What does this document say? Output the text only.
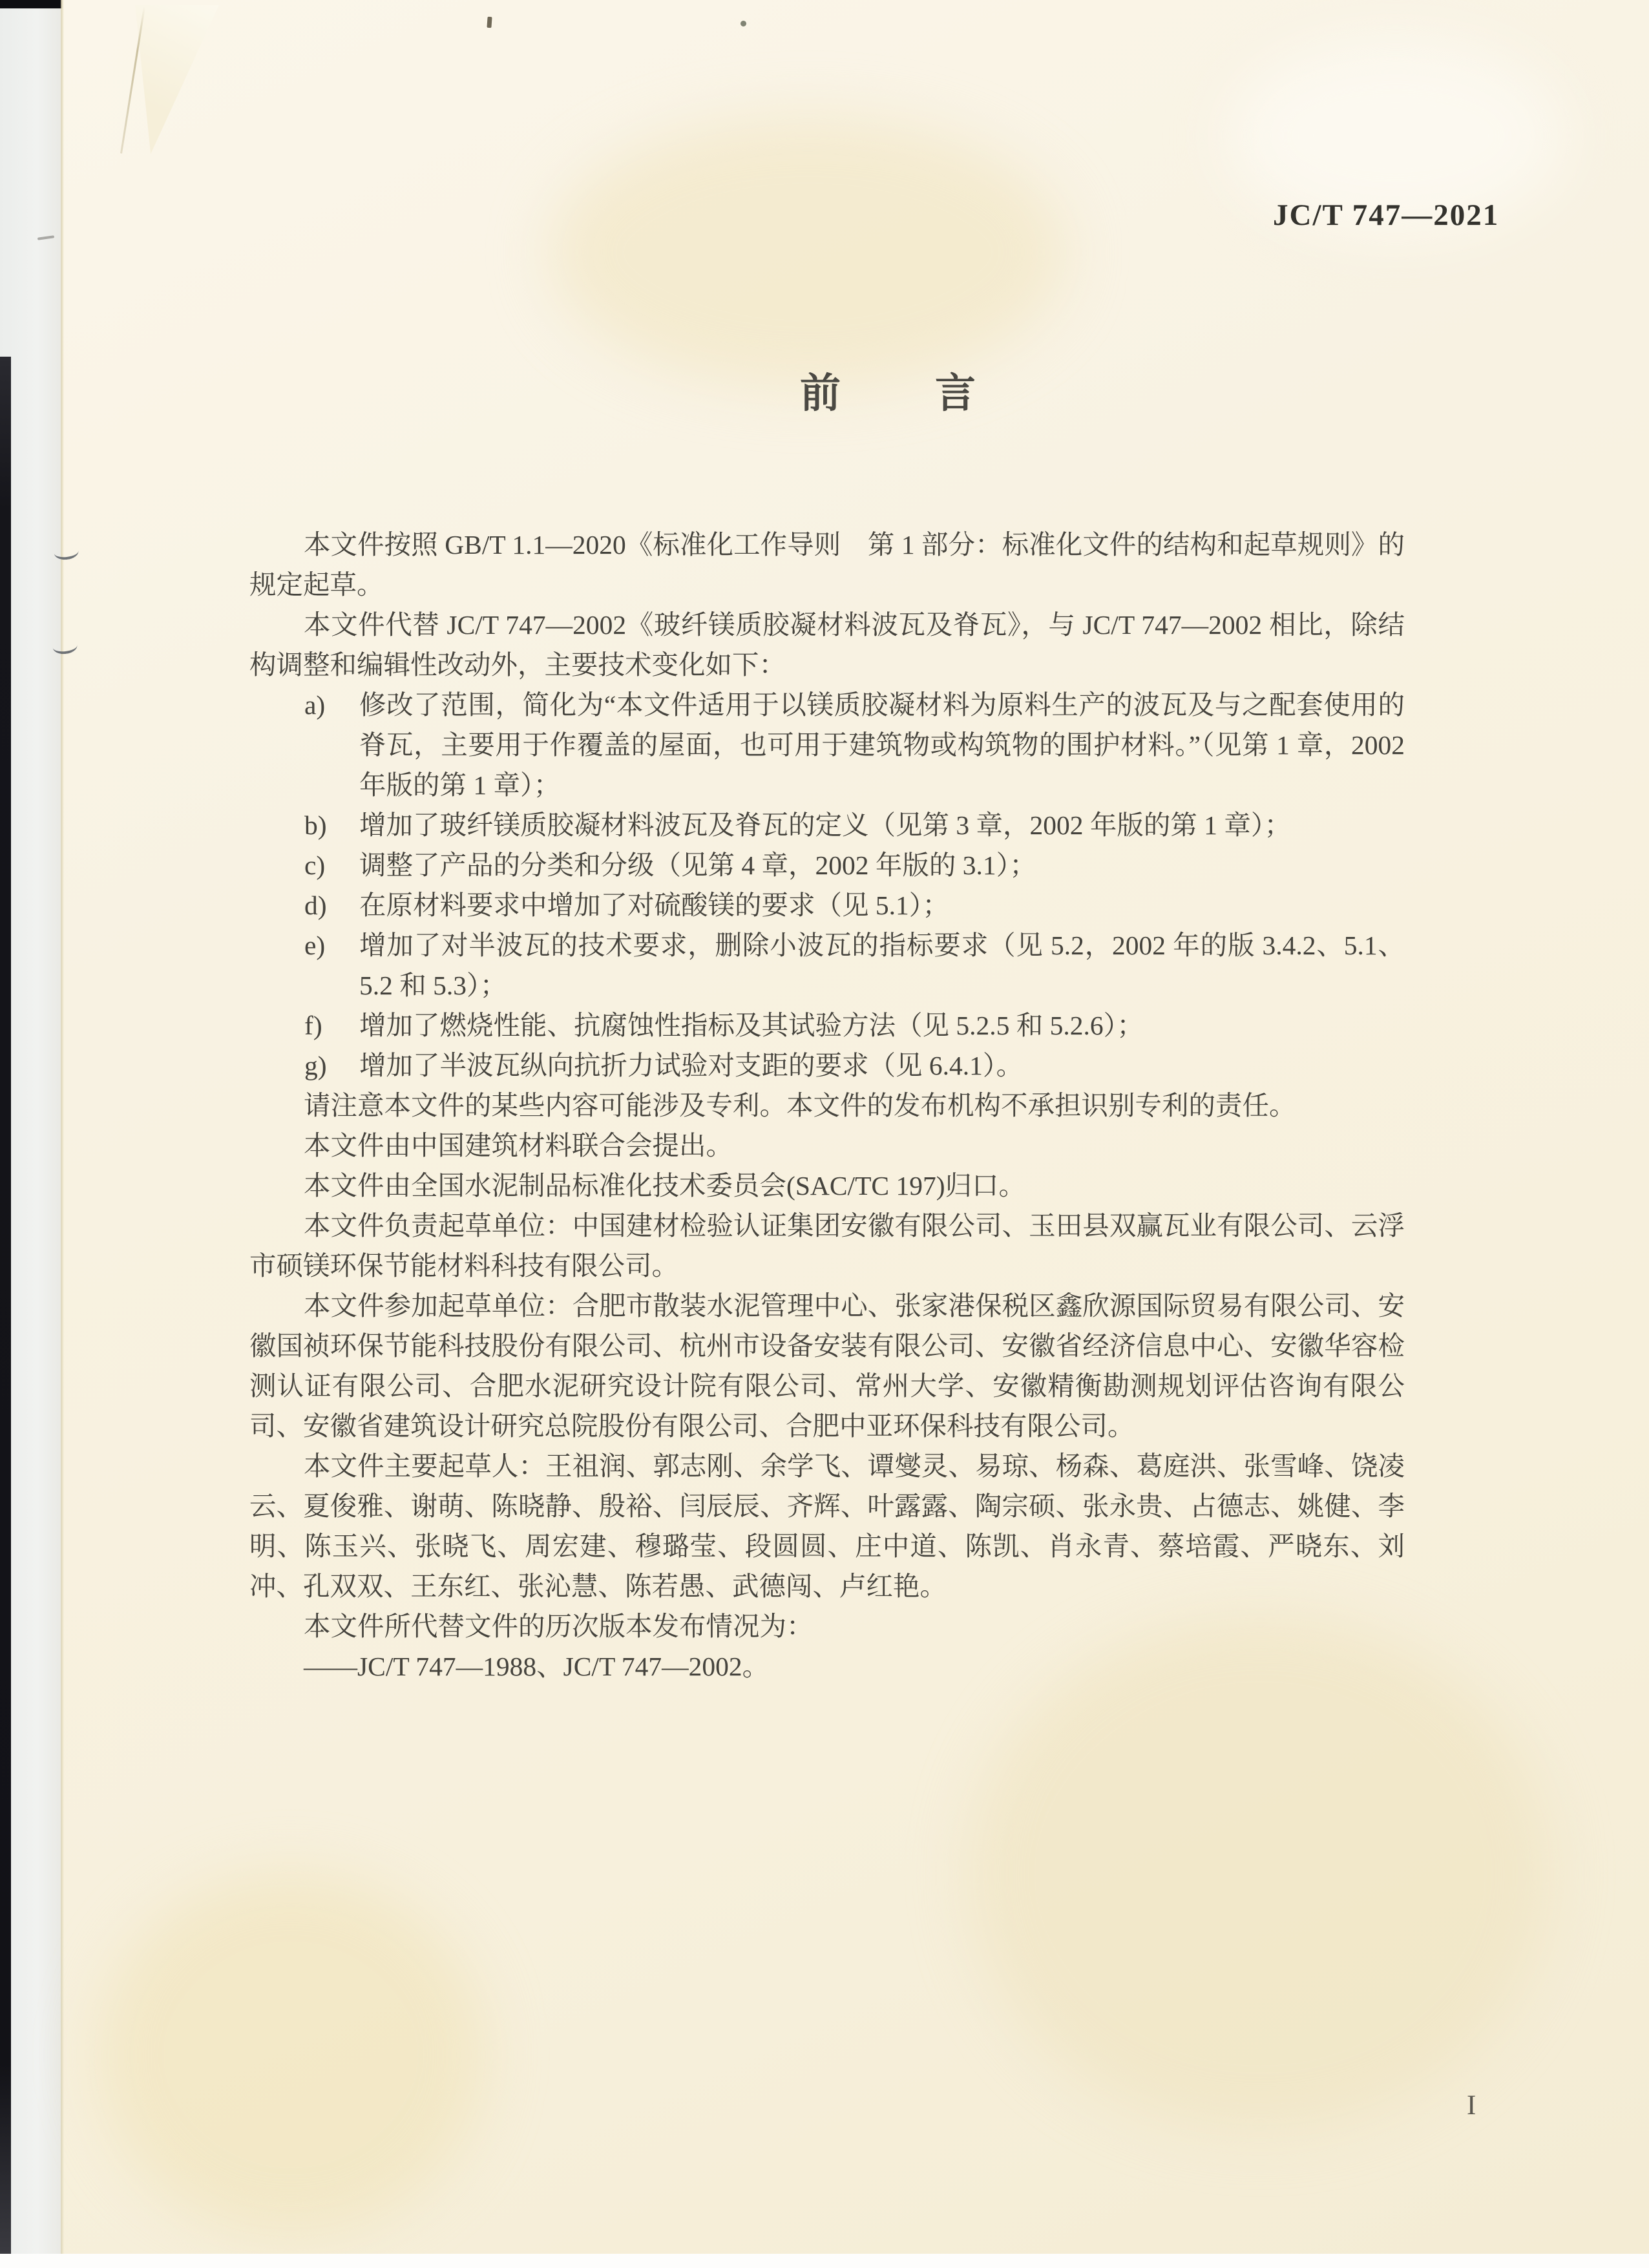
JC/T 747—2021
前 言

本文件按照 GB/T 1.1—2020《标准化工作导则　第 1 部分：标准化文件的结构和起草规则》的规定起草。

本文件代替 JC/T 747—2002《玻纤镁质胶凝材料波瓦及脊瓦》，与 JC/T 747—2002 相比，除结构调整和编辑性改动外，主要技术变化如下：

a) 修改了范围，简化为“本文件适用于以镁质胶凝材料为原料生产的波瓦及与之配套使用的脊瓦，主要用于作覆盖的屋面，也可用于建筑物或构筑物的围护材料。”（见第 1 章，2002 年版的第 1 章）；
b) 增加了玻纤镁质胶凝材料波瓦及脊瓦的定义（见第 3 章，2002 年版的第 1 章）；
c) 调整了产品的分类和分级（见第 4 章，2002 年版的 3.1）；
d) 在原材料要求中增加了对硫酸镁的要求（见 5.1）；
e) 增加了对半波瓦的技术要求，删除小波瓦的指标要求（见 5.2，2002 年的版 3.4.2、5.1、5.2 和 5.3）；
f) 增加了燃烧性能、抗腐蚀性指标及其试验方法（见 5.2.5 和 5.2.6）；
g) 增加了半波瓦纵向抗折力试验对支距的要求（见 6.4.1）。

请注意本文件的某些内容可能涉及专利。本文件的发布机构不承担识别专利的责任。

本文件由中国建筑材料联合会提出。

本文件由全国水泥制品标准化技术委员会(SAC/TC 197)归口。

本文件负责起草单位：中国建材检验认证集团安徽有限公司、玉田县双赢瓦业有限公司、云浮市硕镁环保节能材料科技有限公司。

本文件参加起草单位：合肥市散装水泥管理中心、张家港保税区鑫欣源国际贸易有限公司、安徽国祯环保节能科技股份有限公司、杭州市设备安装有限公司、安徽省经济信息中心、安徽华容检测认证有限公司、合肥水泥研究设计院有限公司、常州大学、安徽精衡勘测规划评估咨询有限公司、安徽省建筑设计研究总院股份有限公司、合肥中亚环保科技有限公司。

本文件主要起草人：王祖润、郭志刚、余学飞、谭燮灵、易琼、杨森、葛庭洪、张雪峰、饶凌云、夏俊雅、谢萌、陈晓静、殷裕、闫辰辰、齐辉、叶露露、陶宗硕、张永贵、占德志、姚健、李明、陈玉兴、张晓飞、周宏建、穆璐莹、段圆圆、庄中道、陈凯、肖永青、蔡培霞、严晓东、刘冲、孔双双、王东红、张沁慧、陈若愚、武德闯、卢红艳。

本文件所代替文件的历次版本发布情况为：

——JC/T 747—1988、JC/T 747—2002。

I
